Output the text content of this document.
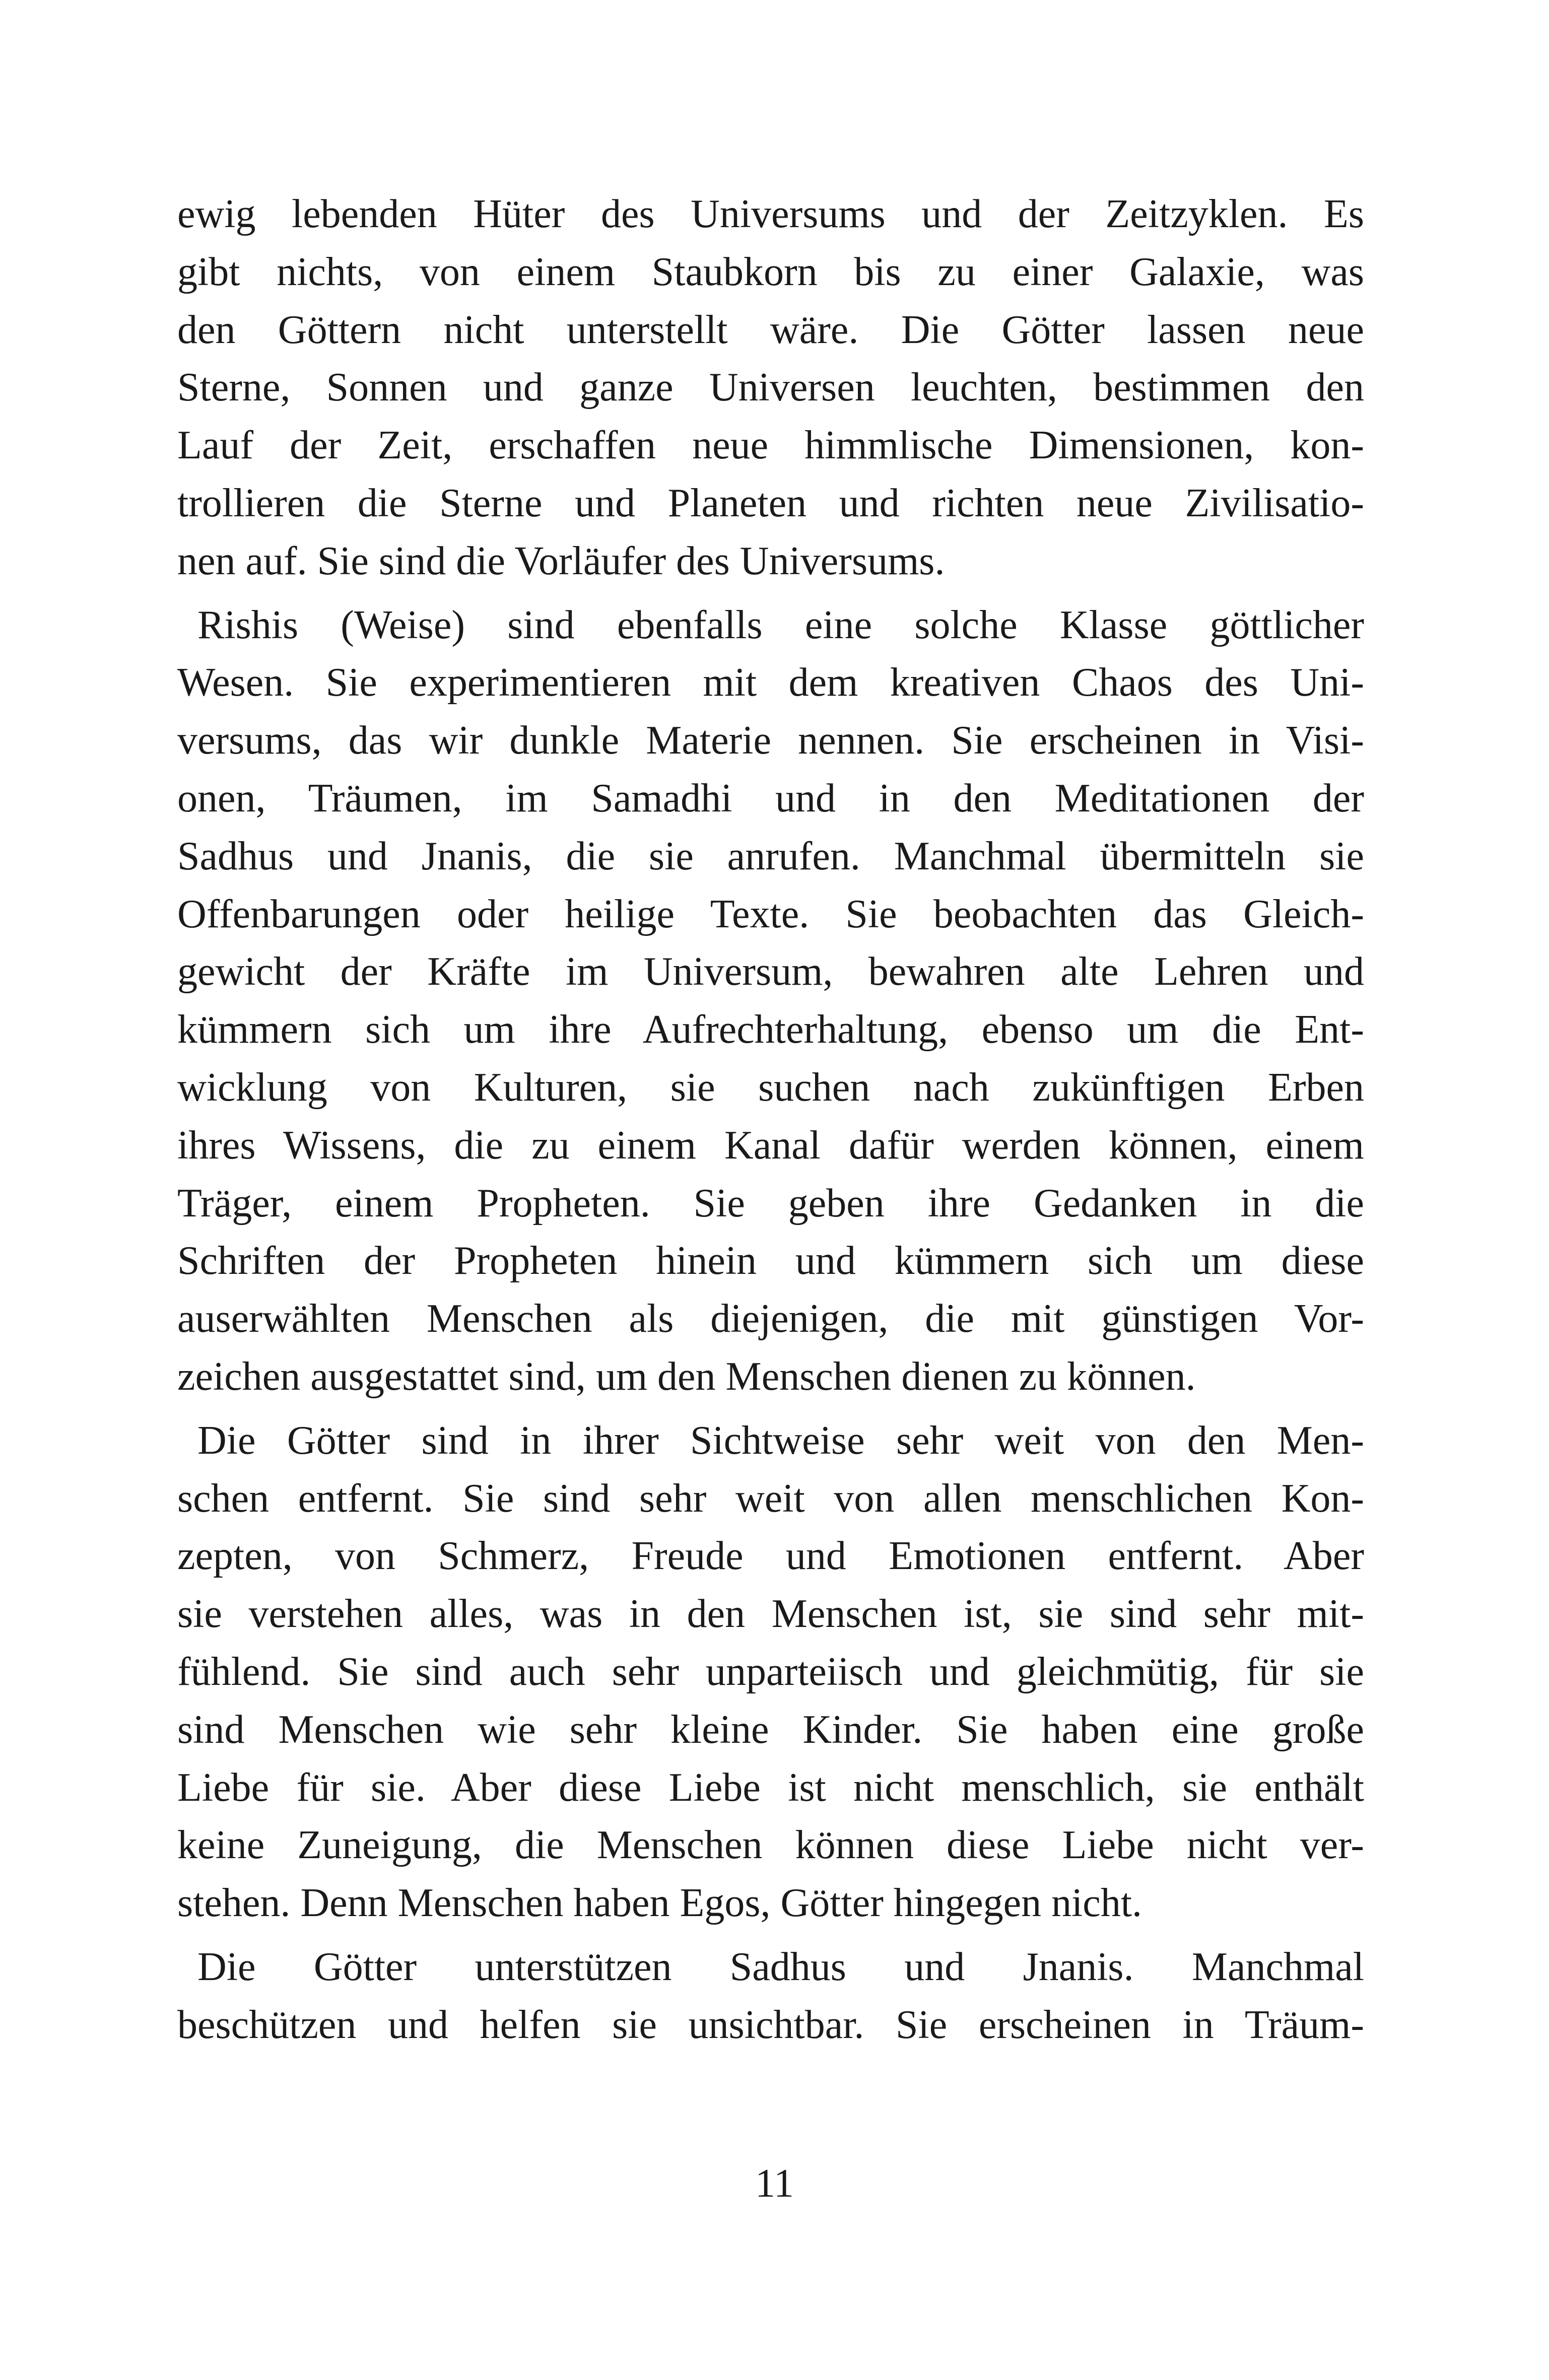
ewig lebenden Hüter des Universums und der Zeitzyklen. Es
gibt nichts, von einem Staubkorn bis zu einer Galaxie, was
den Göttern nicht unterstellt wäre. Die Götter lassen neue
Sterne, Sonnen und ganze Universen leuchten, bestimmen den
Lauf der Zeit, erschaffen neue himmlische Dimensionen, kon-
trollieren die Sterne und Planeten und richten neue Zivilisatio-
nen auf. Sie sind die Vorläufer des Universums.
Rishis (Weise) sind ebenfalls eine solche Klasse göttlicher
Wesen. Sie experimentieren mit dem kreativen Chaos des Uni-
versums, das wir dunkle Materie nennen. Sie erscheinen in Visi-
onen, Träumen, im Samadhi und in den Meditationen der
Sadhus und Jnanis, die sie anrufen. Manchmal übermitteln sie
Offenbarungen oder heilige Texte. Sie beobachten das Gleich-
gewicht der Kräfte im Universum, bewahren alte Lehren und
kümmern sich um ihre Aufrechterhaltung, ebenso um die Ent-
wicklung von Kulturen, sie suchen nach zukünftigen Erben
ihres Wissens, die zu einem Kanal dafür werden können, einem
Träger, einem Propheten. Sie geben ihre Gedanken in die
Schriften der Propheten hinein und kümmern sich um diese
auserwählten Menschen als diejenigen, die mit günstigen Vor-
zeichen ausgestattet sind, um den Menschen dienen zu können.
Die Götter sind in ihrer Sichtweise sehr weit von den Men-
schen entfernt. Sie sind sehr weit von allen menschlichen Kon-
zepten, von Schmerz, Freude und Emotionen entfernt. Aber
sie verstehen alles, was in den Menschen ist, sie sind sehr mit-
fühlend. Sie sind auch sehr unparteiisch und gleichmütig, für sie
sind Menschen wie sehr kleine Kinder. Sie haben eine große
Liebe für sie. Aber diese Liebe ist nicht menschlich, sie enthält
keine Zuneigung, die Menschen können diese Liebe nicht ver-
stehen. Denn Menschen haben Egos, Götter hingegen nicht.
Die Götter unterstützen Sadhus und Jnanis. Manchmal
beschützen und helfen sie unsichtbar. Sie erscheinen in Träum-
11
